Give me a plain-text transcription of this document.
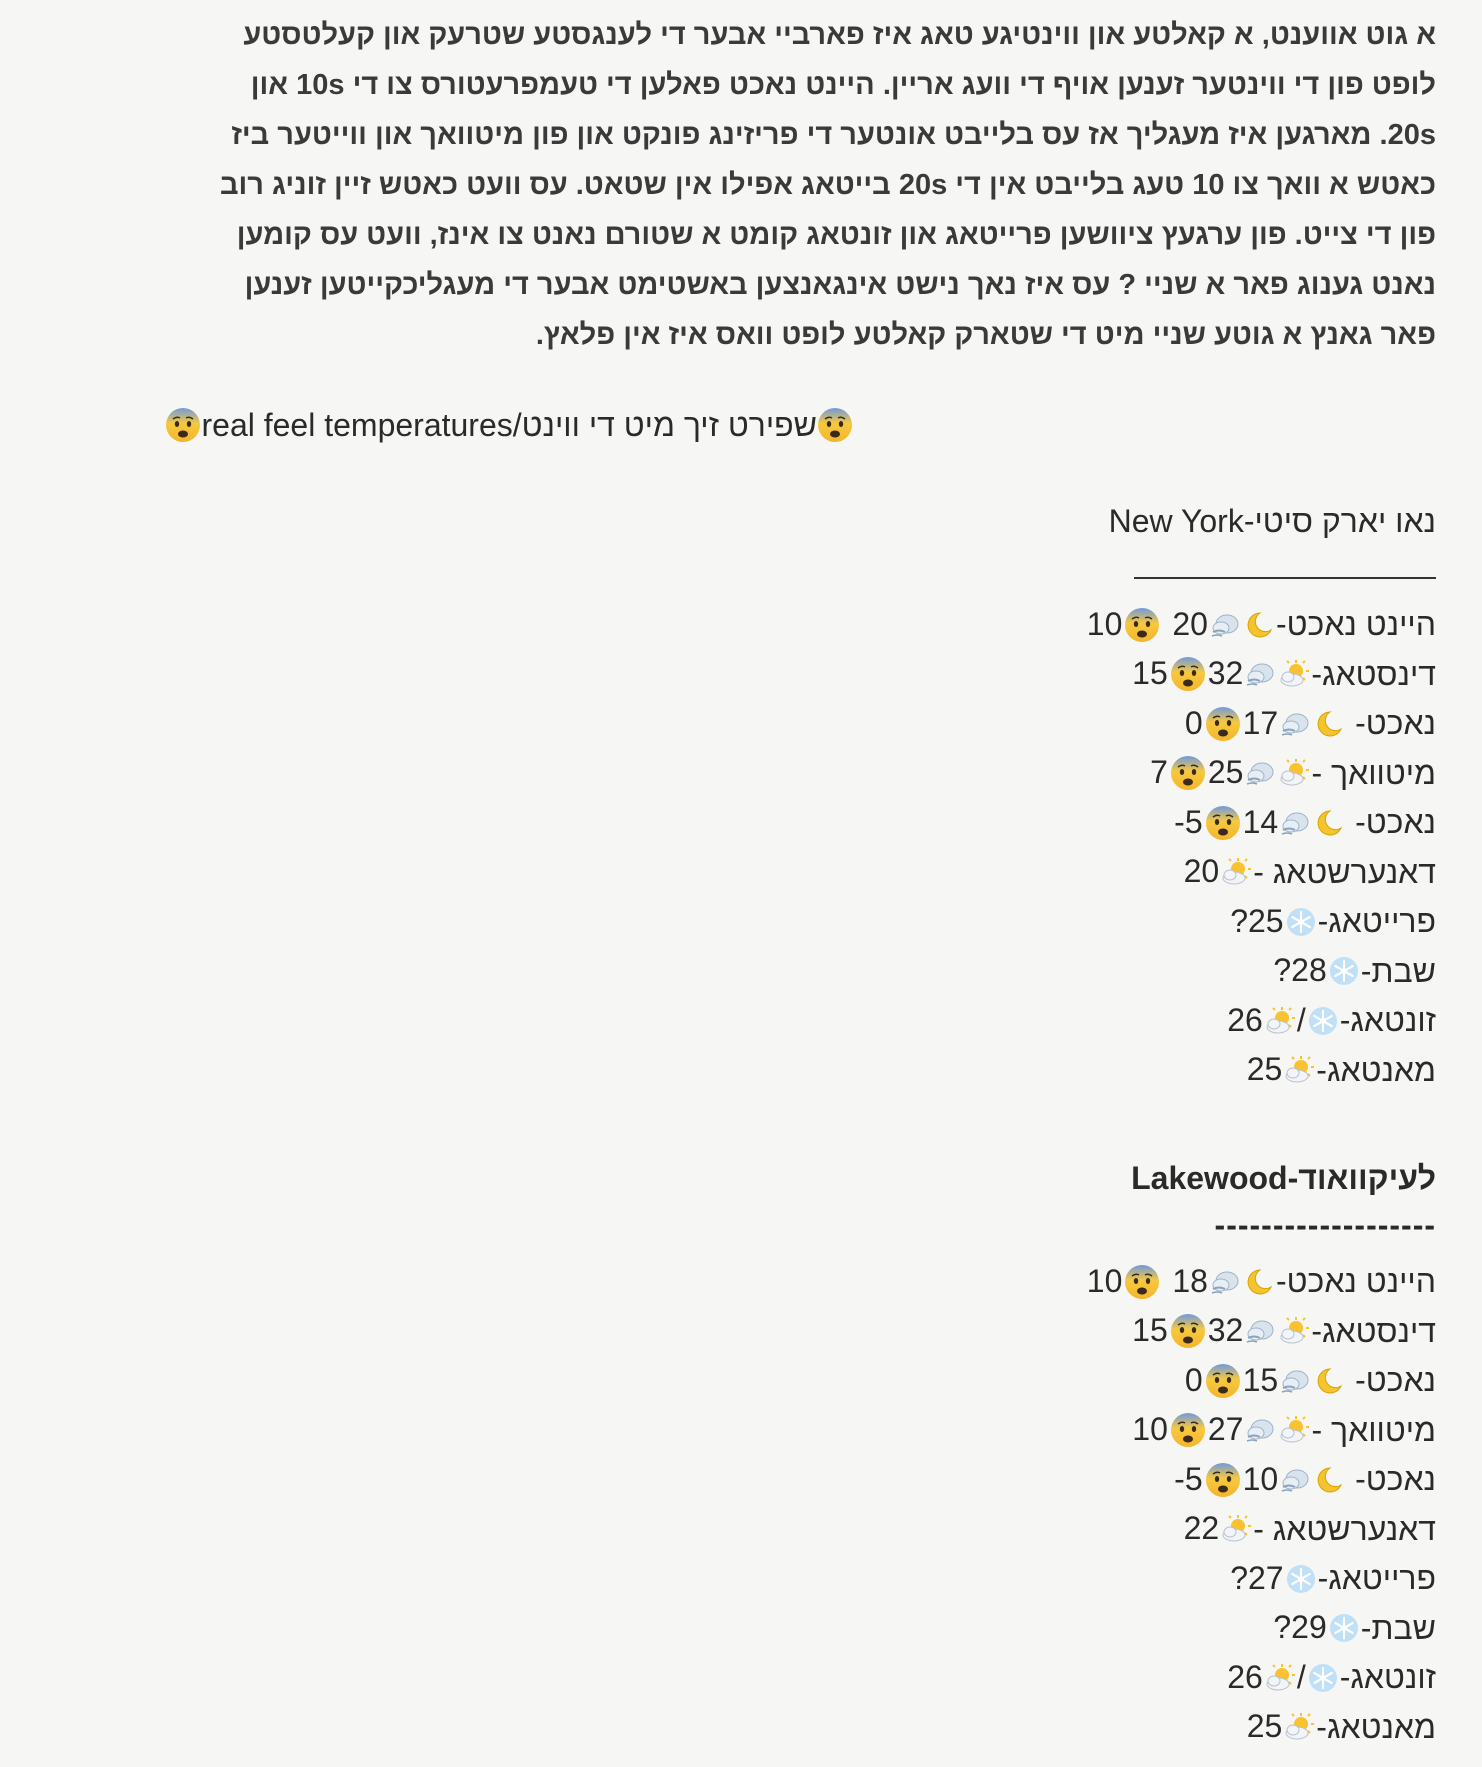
א גוט אווענט, א קאלטע און ווינטיגע טאג איז פארביי אבער די לענגסטע שטרעק און קעלטסטע
לופט פון די ווינטער זענען אויף די וועג אריין. היינט נאכט פאלען די טעמפרעטורס צו די 10s און
20s. מארגען איז מעגליך אז עס בלייבט אונטער די פריזינג פונקט און פון מיטוואך און ווייטער ביז
כאטש א וואך צו 10 טעג בלייבט אין די 20s בייטאג אפילו אין שטאט. עס וועט כאטש זיין זוניג רוב
פון די צייט. פון ערגעץ ציוושען פרייטאג און זונטאג קומט א שטורם נאנט צו אינז, וועט עס קומען
נאנט גענוג פאר א שניי ? עס איז נאך נישט אינגאנצען באשטימט אבער די מעגליכקייטען זענען
פאר גאנץ א גוטע שניי מיט די שטארק קאלטע לופט וואס איז אין פלאץ.
שפירט זיך מיט די ווינט/real feel temperatures
נאו יארק סיטי-New York
היינט נאכט-
20
10
דינסטאג-
32
15
נאכט-
17
0
מיטוואך -
25
7
נאכט-
14
-5
דאנערשטאג -
20
פרייטאג-
?25
שבת-
?28
זונטאג-
/
26
מאנטאג-
25
לעיקוואוד-Lakewood
-------------------
היינט נאכט-
18
10
דינסטאג-
32
15
נאכט-
15
0
מיטוואך -
27
10
נאכט-
10
-5
דאנערשטאג -
22
פרייטאג-
?27
שבת-
?29
זונטאג-
/
26
מאנטאג-
25
